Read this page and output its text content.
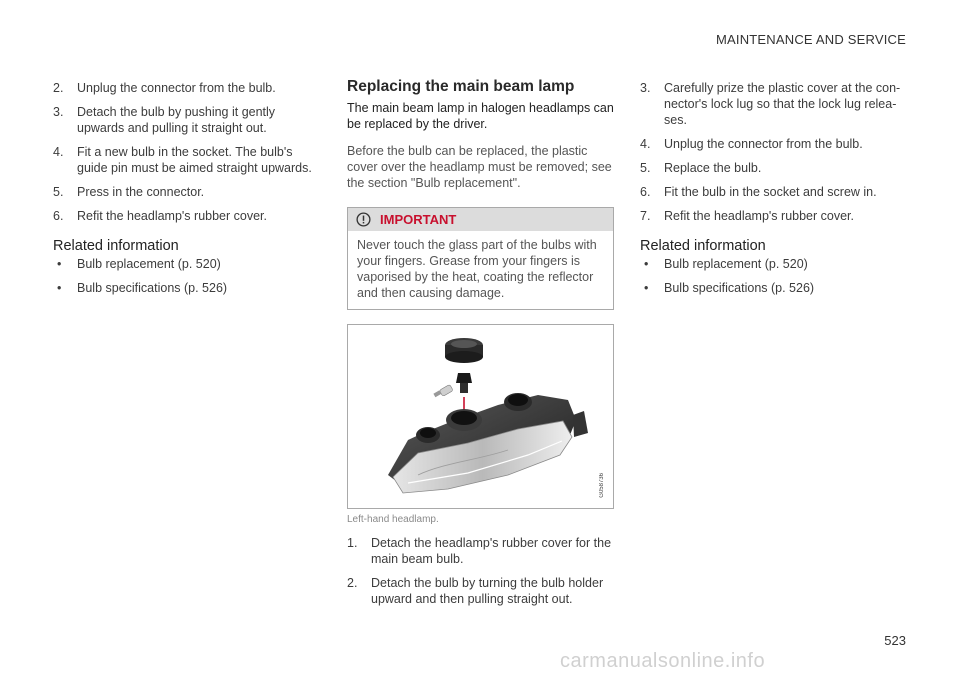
MAINTENANCE AND SERVICE
2. Unplug the connector from the bulb.
3. Detach the bulb by pushing it gently upwards and pulling it straight out.
4. Fit a new bulb in the socket. The bulb's guide pin must be aimed straight upwards.
5. Press in the connector.
6. Refit the headlamp's rubber cover.
Related information
• Bulb replacement (p. 520)
• Bulb specifications (p. 526)
Replacing the main beam lamp

The main beam lamp in halogen headlamps can be replaced by the driver.

Before the bulb can be replaced, the plastic cover over the headlamp must be removed; see the section "Bulb replacement".

IMPORTANT
Never touch the glass part of the bulbs with your fingers. Grease from your fingers is vaporised by the heat, coating the reflector and then causing damage.
G058736
Left-hand headlamp.
1. Detach the headlamp's rubber cover for the main beam bulb.
2. Detach the bulb by turning the bulb holder upward and then pulling straight out.
3. Carefully prize the plastic cover at the con-nector's lock lug so that the lock lug relea-ses.
4. Unplug the connector from the bulb.
5. Replace the bulb.
6. Fit the bulb in the socket and screw in.
7. Refit the headlamp's rubber cover.
Related information
• Bulb replacement (p. 520)
• Bulb specifications (p. 526)
523
carmanualsonline.info
